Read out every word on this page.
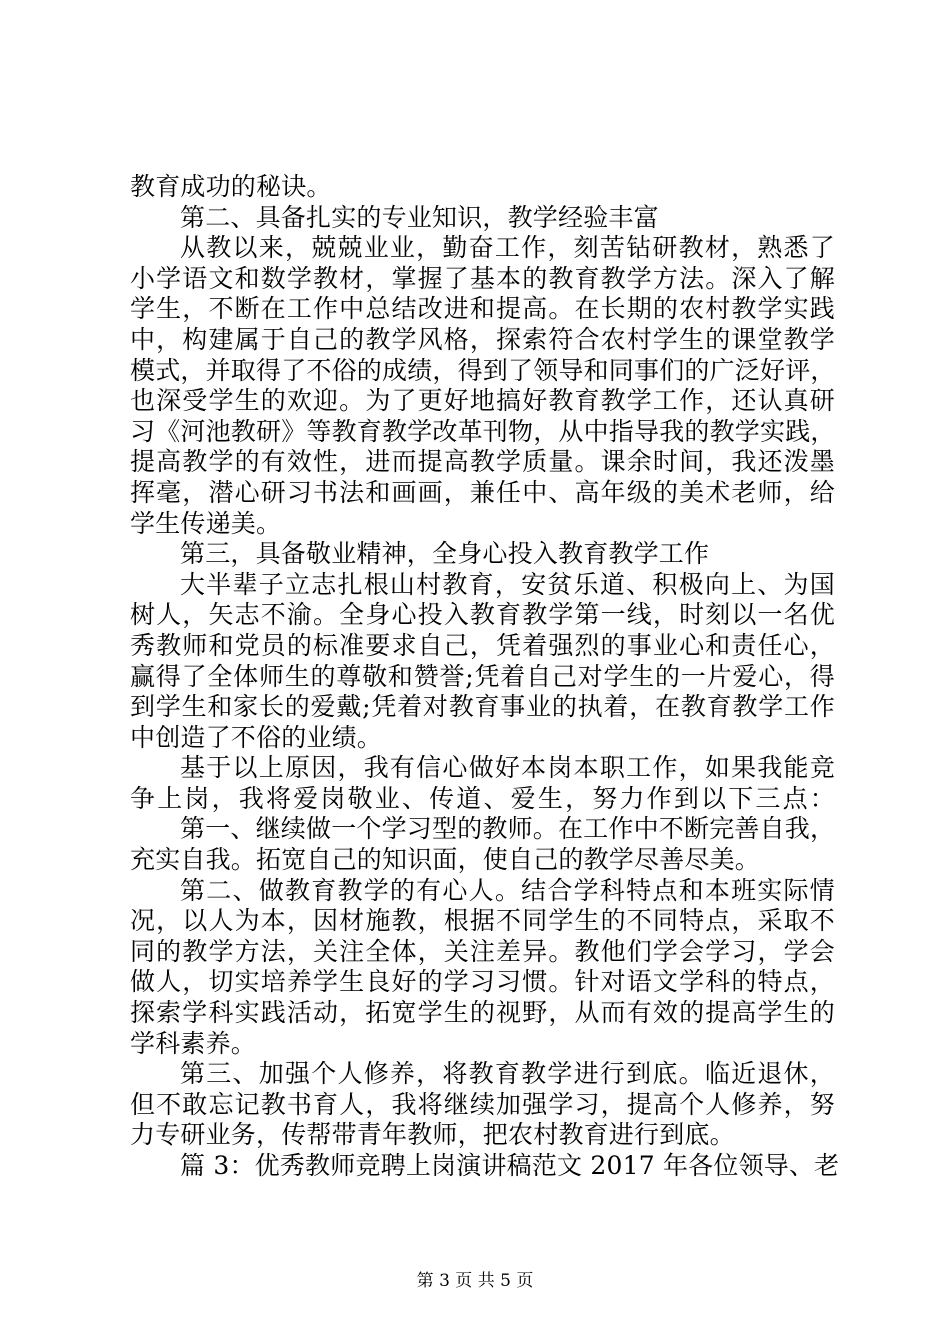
教育成功的秘诀。
第二、具备扎实的专业知识，教学经验丰富
从教以来，兢兢业业，勤奋工作，刻苦钻研教材，熟悉了
小学语文和数学教材，掌握了基本的教育教学方法。深入了解
学生，不断在工作中总结改进和提高。在长期的农村教学实践
中，构建属于自己的教学风格，探索符合农村学生的课堂教学
模式，并取得了不俗的成绩，得到了领导和同事们的广泛好评，
也深受学生的欢迎。为了更好地搞好教育教学工作，还认真研
习《河池教研》等教育教学改革刊物，从中指导我的教学实践，
提高教学的有效性，进而提高教学质量。课余时间，我还泼墨
挥毫，潜心研习书法和画画，兼任中、高年级的美术老师，给
学生传递美。
第三，具备敬业精神，全身心投入教育教学工作
大半辈子立志扎根山村教育，安贫乐道、积极向上、为国
树人，矢志不渝。全身心投入教育教学第一线，时刻以一名优
秀教师和党员的标准要求自己，凭着强烈的事业心和责任心，
赢得了全体师生的尊敬和赞誉;凭着自己对学生的一片爱心，得
到学生和家长的爱戴;凭着对教育事业的执着，在教育教学工作
中创造了不俗的业绩。
基于以上原因，我有信心做好本岗本职工作，如果我能竞
争上岗，我将爱岗敬业、传道、爱生，努力作到以下三点：
第一、继续做一个学习型的教师。在工作中不断完善自我，
充实自我。拓宽自己的知识面，使自己的教学尽善尽美。
第二、做教育教学的有心人。结合学科特点和本班实际情
况，以人为本，因材施教，根据不同学生的不同特点，采取不
同的教学方法，关注全体，关注差异。教他们学会学习，学会
做人，切实培养学生良好的学习习惯。针对语文学科的特点，
探索学科实践活动，拓宽学生的视野，从而有效的提高学生的
学科素养。
第三、加强个人修养，将教育教学进行到底。临近退休，
但不敢忘记教书育人，我将继续加强学习，提高个人修养，努
力专研业务，传帮带青年教师，把农村教育进行到底。
篇 3：优秀教师竞聘上岗演讲稿范文 2017 年各位领导、老
第 3 页 共 5 页
